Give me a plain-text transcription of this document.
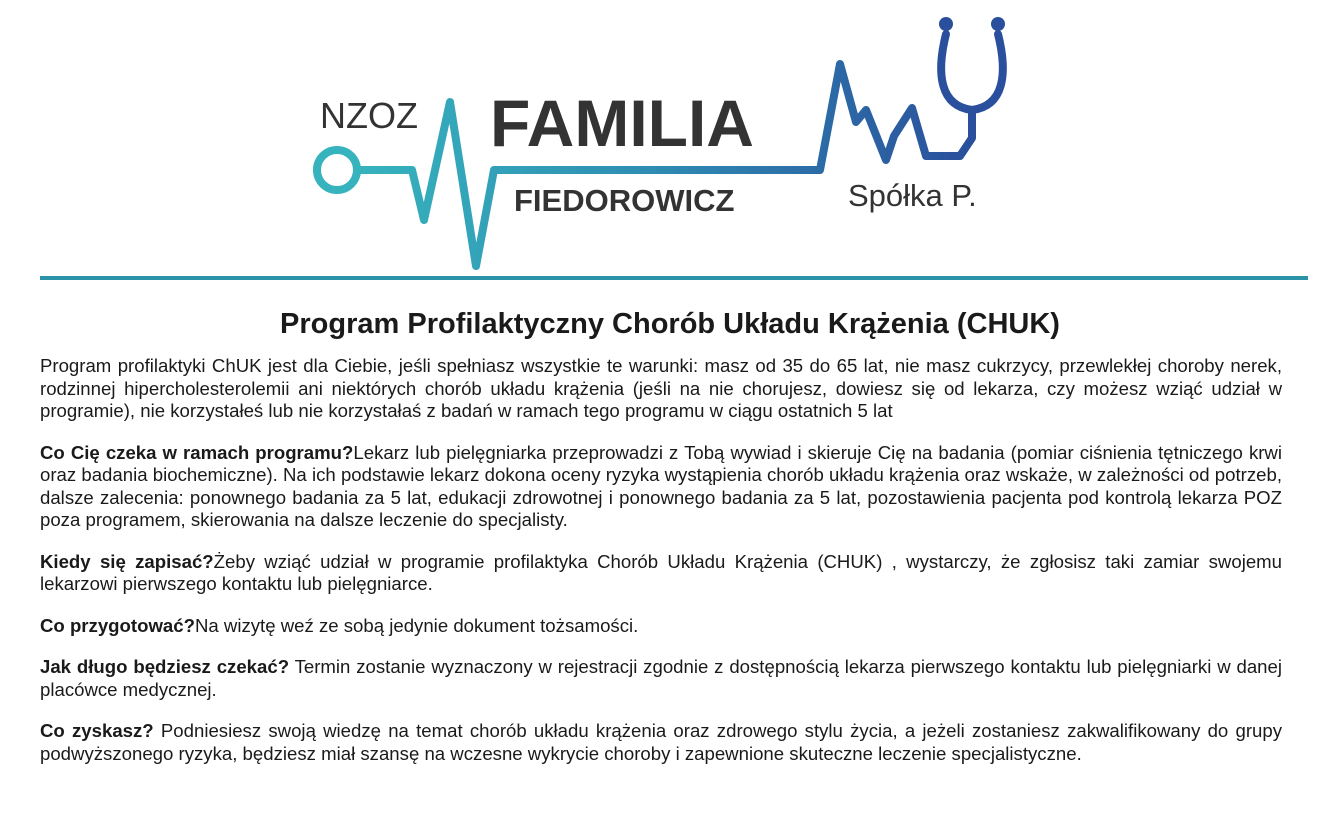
NZOZ FAMILIA
FIEDOROWICZ	Spółka P.
Program Profilaktyczny Chorób Układu Krążenia (CHUK)

Program profilaktyki ChUK jest dla Ciebie, jeśli spełniasz wszystkie te warunki: masz od 35 do 65 lat, nie masz cukrzycy, przewlekłej choroby nerek, rodzinnej hipercholesterolemii ani niektórych chorób układu krążenia (jeśli na nie chorujesz, dowiesz się od lekarza, czy możesz wziąć udział w programie), nie korzystałeś lub nie korzystałaś z badań w ramach tego programu w ciągu ostatnich 5 lat

Co Cię czeka w ramach programu?Lekarz lub pielęgniarka przeprowadzi z Tobą wywiad i skieruje Cię na badania (pomiar ciśnienia tętniczego krwi oraz badania biochemiczne). Na ich podstawie lekarz dokona oceny ryzyka wystąpienia chorób układu krążenia oraz wskaże, w zależności od potrzeb, dalsze zalecenia: ponownego badania za 5 lat, edukacji zdrowotnej i ponownego badania za 5 lat, pozostawienia pacjenta pod kontrolą lekarza POZ poza programem, skierowania na dalsze leczenie do specjalisty.

Kiedy się zapisać?Żeby wziąć udział w programie profilaktyka Chorób Układu Krążenia (CHUK) , wystarczy, że zgłosisz taki zamiar swojemu lekarzowi pierwszego kontaktu lub pielęgniarce.

Co przygotować?Na wizytę weź ze sobą jedynie dokument tożsamości.

Jak długo będziesz czekać? Termin zostanie wyznaczony w rejestracji zgodnie z dostępnością lekarza pierwszego kontaktu lub pielęgniarki w danej placówce medycznej.

Co zyskasz? Podniesiesz swoją wiedzę na temat chorób układu krążenia oraz zdrowego stylu życia, a jeżeli zostaniesz zakwalifikowany do grupy podwyższonego ryzyka, będziesz miał szansę na wczesne wykrycie choroby i zapewnione skuteczne leczenie specjalistyczne.
